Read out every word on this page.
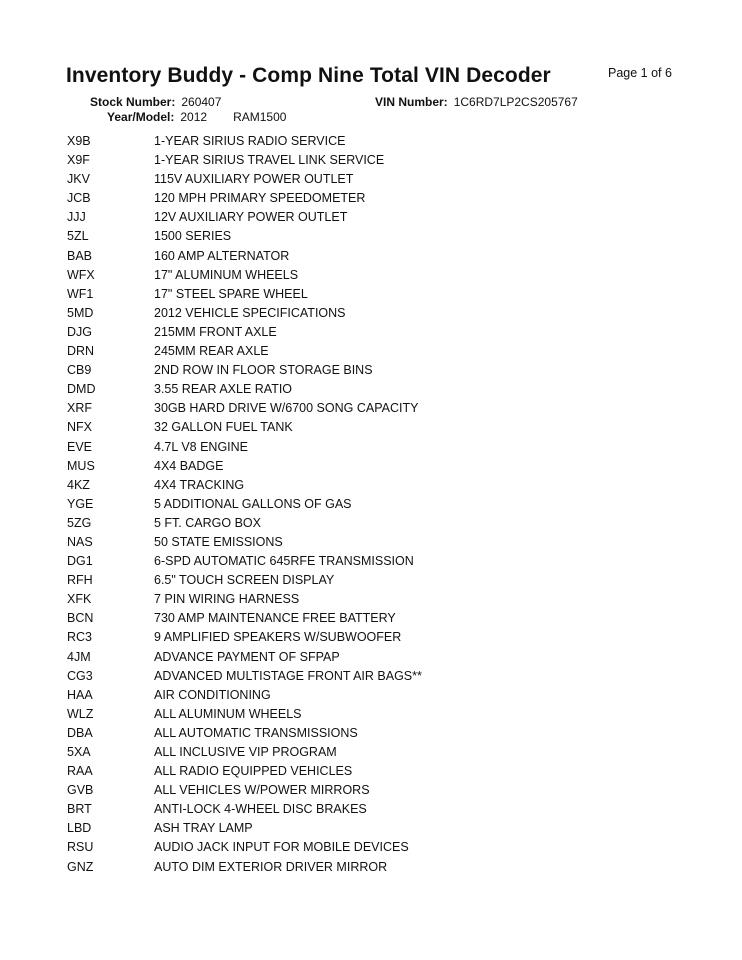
Inventory Buddy - Comp Nine Total VIN Decoder	Page 1 of 6
Stock Number: 260407	VIN Number: 1C6RD7LP2CS205767
Year/Model: 2012 RAM1500
X9B	1-YEAR SIRIUS RADIO SERVICE
X9F	1-YEAR SIRIUS TRAVEL LINK SERVICE
JKV	115V AUXILIARY POWER OUTLET
JCB	120 MPH PRIMARY SPEEDOMETER
JJJ	12V AUXILIARY POWER OUTLET
5ZL	1500 SERIES
BAB	160 AMP ALTERNATOR
WFX	17" ALUMINUM WHEELS
WF1	17" STEEL SPARE WHEEL
5MD	2012 VEHICLE SPECIFICATIONS
DJG	215MM FRONT AXLE
DRN	245MM REAR AXLE
CB9	2ND ROW IN FLOOR STORAGE BINS
DMD	3.55 REAR AXLE RATIO
XRF	30GB HARD DRIVE W/6700 SONG CAPACITY
NFX	32 GALLON FUEL TANK
EVE	4.7L V8 ENGINE
MUS	4X4 BADGE
4KZ	4X4 TRACKING
YGE	5 ADDITIONAL GALLONS OF GAS
5ZG	5 FT. CARGO BOX
NAS	50 STATE EMISSIONS
DG1	6-SPD AUTOMATIC 645RFE TRANSMISSION
RFH	6.5" TOUCH SCREEN DISPLAY
XFK	7 PIN WIRING HARNESS
BCN	730 AMP MAINTENANCE FREE BATTERY
RC3	9 AMPLIFIED SPEAKERS W/SUBWOOFER
4JM	ADVANCE PAYMENT OF SFPAP
CG3	ADVANCED MULTISTAGE FRONT AIR BAGS**
HAA	AIR CONDITIONING
WLZ	ALL ALUMINUM WHEELS
DBA	ALL AUTOMATIC TRANSMISSIONS
5XA	ALL INCLUSIVE VIP PROGRAM
RAA	ALL RADIO EQUIPPED VEHICLES
GVB	ALL VEHICLES W/POWER MIRRORS
BRT	ANTI-LOCK 4-WHEEL DISC BRAKES
LBD	ASH TRAY LAMP
RSU	AUDIO JACK INPUT FOR MOBILE DEVICES
GNZ	AUTO DIM EXTERIOR DRIVER MIRROR
